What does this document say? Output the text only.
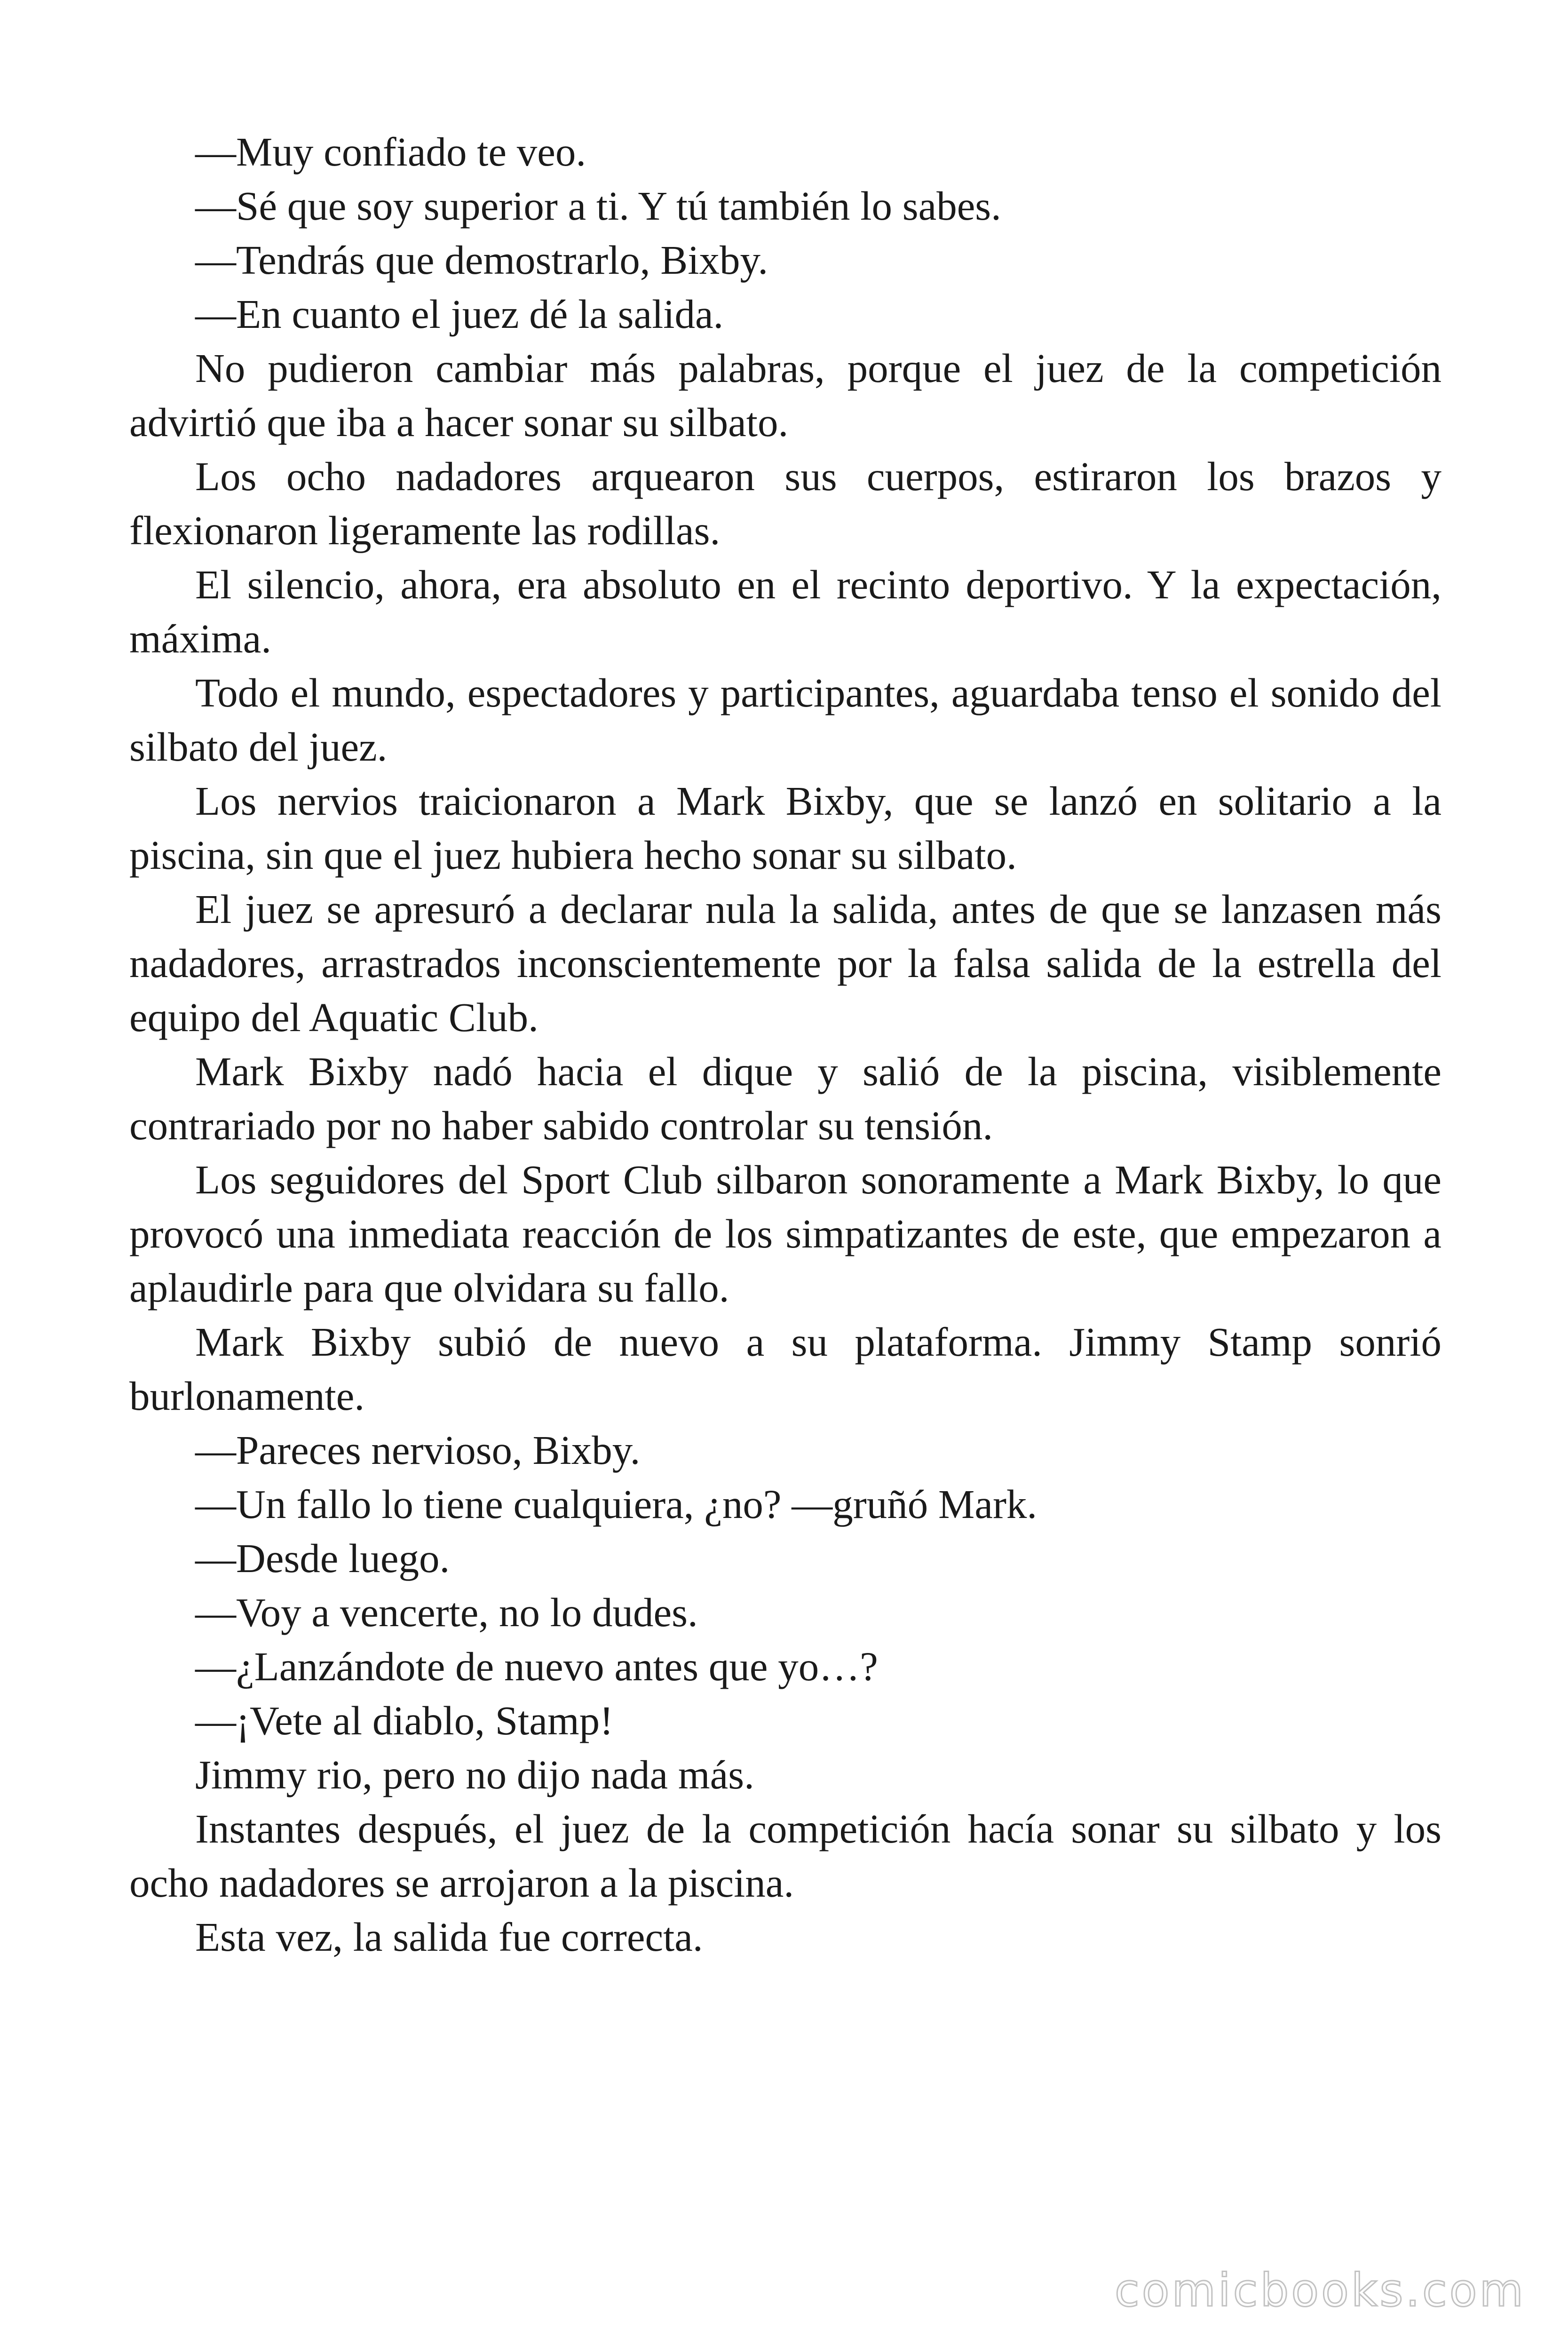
—Muy confiado te veo.

—Sé que soy superior a ti. Y tú también lo sabes.

—Tendrás que demostrarlo, Bixby.

—En cuanto el juez dé la salida.

No pudieron cambiar más palabras, porque el juez de la competición advirtió que iba a hacer sonar su silbato.

Los ocho nadadores arquearon sus cuerpos, estiraron los brazos y flexionaron ligeramente las rodillas.

El silencio, ahora, era absoluto en el recinto deportivo. Y la expectación, máxima.

Todo el mundo, espectadores y participantes, aguardaba tenso el sonido del silbato del juez.

Los nervios traicionaron a Mark Bixby, que se lanzó en solitario a la piscina, sin que el juez hubiera hecho sonar su silbato.

El juez se apresuró a declarar nula la salida, antes de que se lanzasen más nadadores, arrastrados inconscientemente por la falsa salida de la estrella del equipo del Aquatic Club.

Mark Bixby nadó hacia el dique y salió de la piscina, visiblemente contrariado por no haber sabido controlar su tensión.

Los seguidores del Sport Club silbaron sonoramente a Mark Bixby, lo que provocó una inmediata reacción de los simpatizantes de este, que empezaron a aplaudirle para que olvidara su fallo.

Mark Bixby subió de nuevo a su plataforma. Jimmy Stamp sonrió burlonamente.

—Pareces nervioso, Bixby.

—Un fallo lo tiene cualquiera, ¿no? —gruñó Mark.

—Desde luego.

—Voy a vencerte, no lo dudes.

—¿Lanzándote de nuevo antes que yo…?

—¡Vete al diablo, Stamp!

Jimmy rio, pero no dijo nada más.

Instantes después, el juez de la competición hacía sonar su silbato y los ocho nadadores se arrojaron a la piscina.

Esta vez, la salida fue correcta.

comicbooks.com
